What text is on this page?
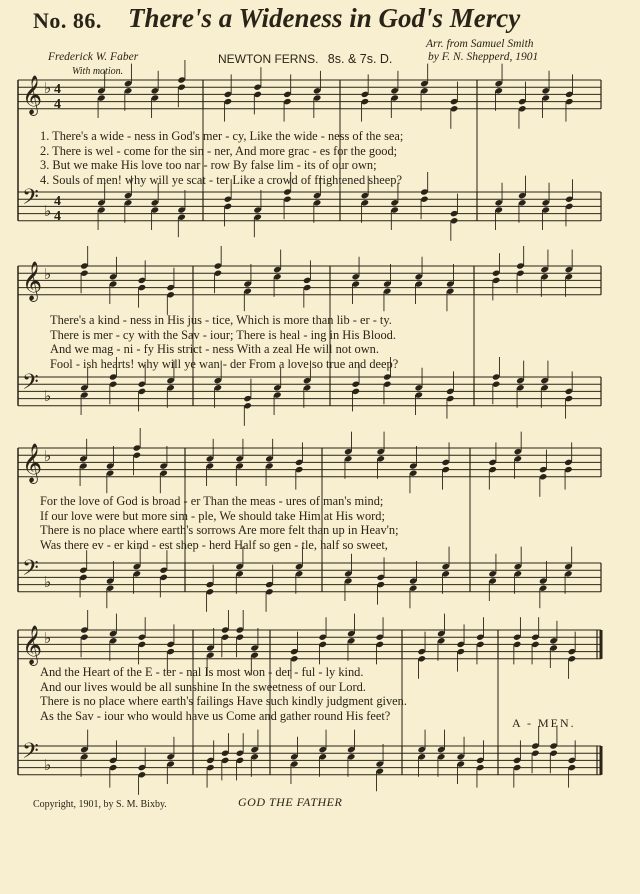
No. 86. There's a Wideness in God's Mercy
Frederick W. Faber
With motion.
NEWTON FERNS. 8s. & 7s. D.
Arr. from Samuel Smith
by F. N. Shepperd, 1901
𝄞 ♭ 4
4
𝄢 ♭
4
4
1. There's a wide - ness in God's mer - cy, Like the wide - ness of the sea;
2. There is wel - come for the sin - ner, And more grac - es for the good;
3. But we make His love too nar - row By false lim - its of our own;
4. Souls of men! why will ye scat - ter Like a crowd of frightened sheep?
𝄞 ♭
𝄢 ♭
There's a kind - ness in His jus - tice, Which is more than lib - er - ty.
There is mer - cy with the Sav - iour; There is heal - ing in His Blood.
And we mag - ni - fy His strict - ness With a zeal He will not own.
Fool - ish hearts! why will ye wan - der From a love so true and deep?
𝄞 ♭
𝄢 ♭
For the love of God is broad - er Than the meas - ures of man's mind;
If our love were but more sim - ple, We should take Him at His word;
There is no place where earth's sorrows Are more felt than up in Heav'n;
Was there ev - er kind - est shep - herd Half so gen - tle, half so sweet,
𝄞 ♭
𝄢 ♭
And the Heart of the E - ter - nal Is most won - der - ful - ly kind.
And our lives would be all sunshine In the sweetness of our Lord.
There is no place where earth's failings Have such kindly judgment given.
As the Sav - iour who would have us Come and gather round His feet?
A - MEN.
Copyright, 1901, by S. M. Bixby.	GOD THE FATHER
